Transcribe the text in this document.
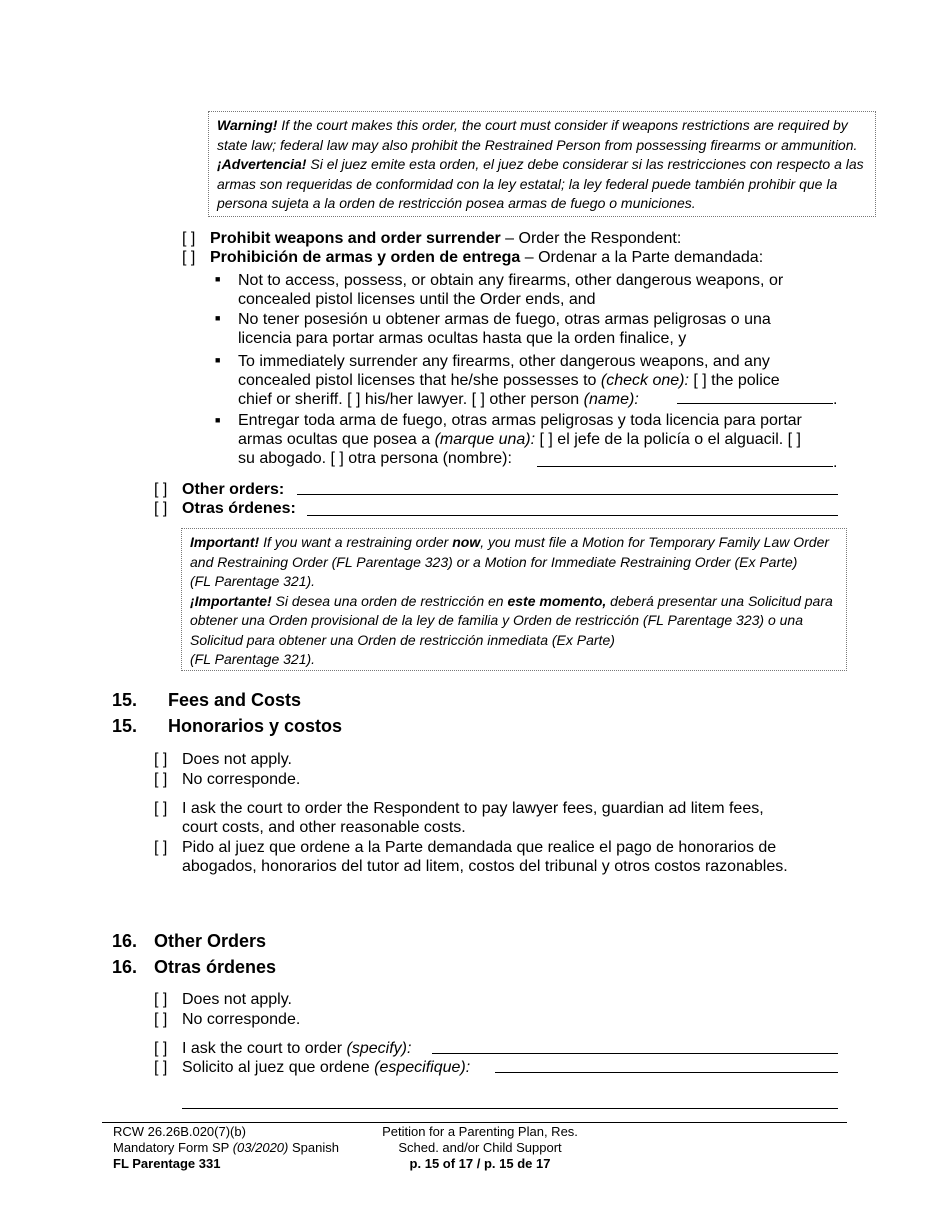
Warning! If the court makes this order, the court must consider if weapons restrictions are required by state law; federal law may also prohibit the Restrained Person from possessing firearms or ammunition.
¡Advertencia! Si el juez emite esta orden, el juez debe considerar si las restricciones con respecto a las armas son requeridas de conformidad con la ley estatal; la ley federal puede también prohibir que la persona sujeta a la orden de restricción posea armas de fuego o municiones.
[ ] Prohibit weapons and order surrender – Order the Respondent:
[ ] Prohibición de armas y orden de entrega – Ordenar a la Parte demandada:
■ Not to access, possess, or obtain any firearms, other dangerous weapons, or
concealed pistol licenses until the Order ends, and
■ No tener posesión u obtener armas de fuego, otras armas peligrosas o una
licencia para portar armas ocultas hasta que la orden finalice, y
■ To immediately surrender any firearms, other dangerous weapons, and any
concealed pistol licenses that he/she possesses to (check one): [ ] the police
chief or sheriff. [ ] his/her lawyer. [ ] other person (name):	.
■ Entregar toda arma de fuego, otras armas peligrosas y toda licencia para portar
armas ocultas que posea a (marque una): [ ] el jefe de la policía o el alguacil. [ ]
su abogado. [ ] otra persona (nombre):	.
[ ] Other orders:
[ ] Otras órdenes:
Important! If you want a restraining order now, you must file a Motion for Temporary Family Law Order and Restraining Order (FL Parentage 323) or a Motion for Immediate Restraining Order (Ex Parte)
(FL Parentage 321).
¡Importante! Si desea una orden de restricción en este momento, deberá presentar una Solicitud para obtener una Orden provisional de la ley de familia y Orden de restricción (FL Parentage 323) o una Solicitud para obtener una Orden de restricción inmediata (Ex Parte)
(FL Parentage 321).
15. Fees and Costs
15. Honorarios y costos
[ ] Does not apply.
[ ] No corresponde.
[ ] I ask the court to order the Respondent to pay lawyer fees, guardian ad litem fees,
court costs, and other reasonable costs.
[ ] Pido al juez que ordene a la Parte demandada que realice el pago de honorarios de
abogados, honorarios del tutor ad litem, costos del tribunal y otros costos razonables.
16. Other Orders
16. Otras órdenes
[ ] Does not apply.
[ ] No corresponde.
[ ] I ask the court to order (specify):
[ ] Solicito al juez que ordene (especifique):
RCW 26.26B.020(7)(b)
Mandatory Form SP (03/2020) Spanish
FL Parentage 331
Petition for a Parenting Plan, Res.
Sched. and/or Child Support
p. 15 of 17 / p. 15 de 17
